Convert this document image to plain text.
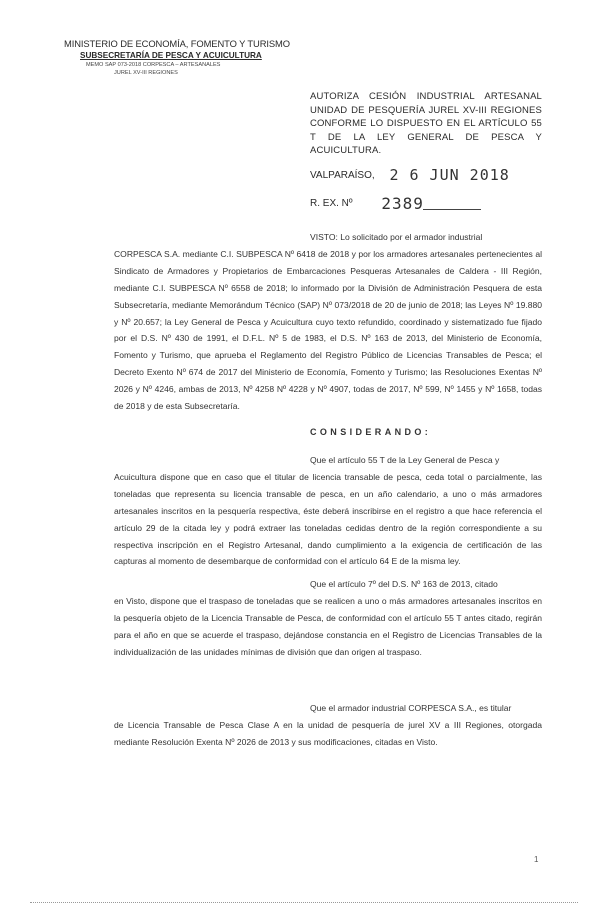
MINISTERIO DE ECONOMÍA, FOMENTO Y TURISMO
SUBSECRETARÍA DE PESCA Y ACUICULTURA
MEMO SAP 073-2018 CORPESCA – ARTESANALES
JUREL XV-III REGIONES
AUTORIZA CESIÓN INDUSTRIAL ARTESANAL UNIDAD DE PESQUERÍA JUREL XV-III REGIONES CONFORME LO DISPUESTO EN EL ARTÍCULO 55 T DE LA LEY GENERAL DE PESCA Y ACUICULTURA.
VALPARAÍSO, 2 6 JUN 2018
R. EX. Nº 2389
VISTO: Lo solicitado por el armador industrial
CORPESCA S.A. mediante C.I. SUBPESCA Nº 6418 de 2018 y por los armadores artesanales pertenecientes al Sindicato de Armadores y Propietarios de Embarcaciones Pesqueras Artesanales de Caldera - III Región, mediante C.I. SUBPESCA Nº 6558 de 2018; lo informado por la División de Administración Pesquera de esta Subsecretaría, mediante Memorándum Técnico (SAP) Nº 073/2018 de 20 de junio de 2018; las Leyes Nº 19.880 y Nº 20.657; la Ley General de Pesca y Acuicultura cuyo texto refundido, coordinado y sistematizado fue fijado por el D.S. Nº 430 de 1991, el D.F.L. Nº 5 de 1983, el D.S. Nº 163 de 2013, del Ministerio de Economía, Fomento y Turismo, que aprueba el Reglamento del Registro Público de Licencias Transables de Pesca; el Decreto Exento Nº 674 de 2017 del Ministerio de Economía, Fomento y Turismo; las Resoluciones Exentas Nº 2026 y Nº 4246, ambas de 2013, Nº 4258 Nº 4228 y Nº 4907, todas de 2017, Nº 599, Nº 1455 y Nº 1658, todas de 2018 y de esta Subsecretaría.
CONSIDERANDO:
Que el artículo 55 T de la Ley General de Pesca y
Acuicultura dispone que en caso que el titular de licencia transable de pesca, ceda total o parcialmente, las toneladas que representa su licencia transable de pesca, en un año calendario, a uno o más armadores artesanales inscritos en la pesquería respectiva, éste deberá inscribirse en el registro a que hace referencia el artículo 29 de la citada ley y podrá extraer las toneladas cedidas dentro de la región correspondiente a su respectiva inscripción en el Registro Artesanal, dando cumplimiento a la exigencia de certificación de las capturas al momento de desembarque de conformidad con el artículo 64 E de la misma ley.
Que el artículo 7º del D.S. Nº 163 de 2013, citado
en Visto, dispone que el traspaso de toneladas que se realicen a uno o más armadores artesanales inscritos en la pesquería objeto de la Licencia Transable de Pesca, de conformidad con el artículo 55 T antes citado, regirán para el año en que se acuerde el traspaso, dejándose constancia en el Registro de Licencias Transables de la individualización de las unidades mínimas de división que dan origen al traspaso.
Que el armador industrial CORPESCA S.A., es titular
de Licencia Transable de Pesca Clase A en la unidad de pesquería de jurel XV a III Regiones, otorgada mediante Resolución Exenta Nº 2026 de 2013 y sus modificaciones, citadas en Visto.
1
